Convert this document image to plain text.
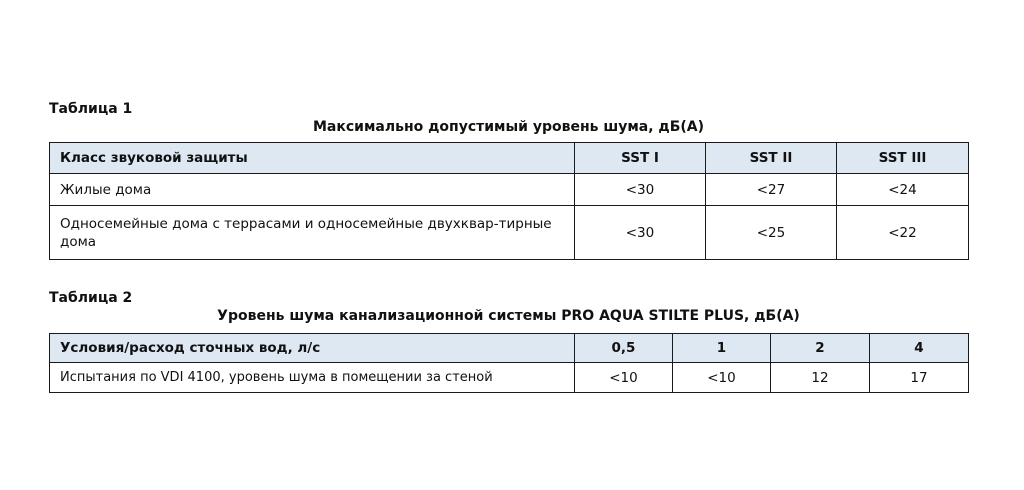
Таблица 1

Максимально допустимый уровень шума, дБ(А)

Класс звуковой защиты	SST I	SST II	SST III
Жилые дома	<30	<27	<24
Односемейные дома с террасами и односемейные двухквар-тирные дома	<30	<25	<22

Таблица 2

Уровень шума канализационной системы PRO AQUA STILTE PLUS, дБ(А)

Условия/расход сточных вод, л/с	0,5	1	2	4
Испытания по VDI 4100, уровень шума в помещении за стеной	<10	<10	12	17
